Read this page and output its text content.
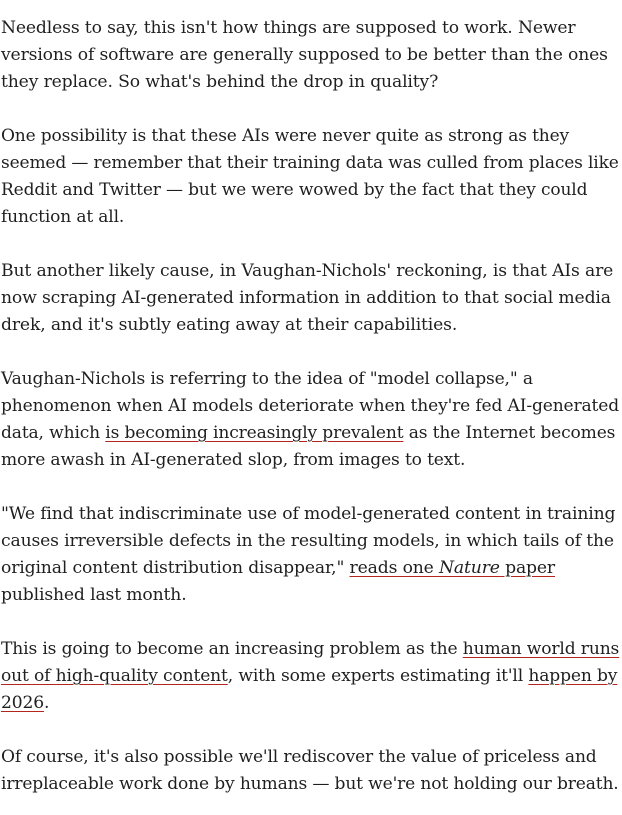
Needless to say, this isn't how things are supposed to work. Newer
versions of software are generally supposed to be better than the ones
they replace. So what's behind the drop in quality?

One possibility is that these AIs were never quite as strong as they
seemed — remember that their training data was culled from places like
Reddit and Twitter — but we were wowed by the fact that they could
function at all.

But another likely cause, in Vaughan-Nichols' reckoning, is that AIs are
now scraping AI-generated information in addition to that social media
drek, and it's subtly eating away at their capabilities.

Vaughan-Nichols is referring to the idea of "model collapse," a
phenomenon when AI models deteriorate when they're fed AI-generated
data, which is becoming increasingly prevalent as the Internet becomes
more awash in AI-generated slop, from images to text.

"We find that indiscriminate use of model-generated content in training
causes irreversible defects in the resulting models, in which tails of the
original content distribution disappear," reads one Nature paper
published last month.

This is going to become an increasing problem as the human world runs
out of high-quality content, with some experts estimating it'll happen by
2026.

Of course, it's also possible we'll rediscover the value of priceless and
irreplaceable work done by humans — but we're not holding our breath.
